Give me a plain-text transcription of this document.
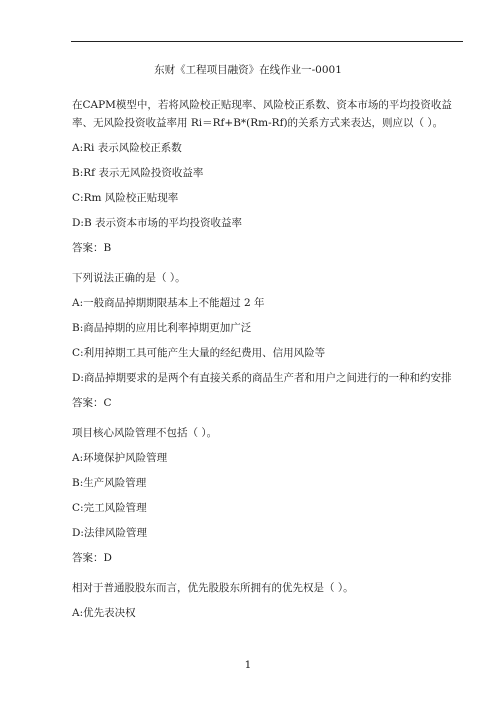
东财《工程项目融资》在线作业一-0001

在CAPM模型中，若将风险校正贴现率、风险校正系数、资本市场的平均投资收益率、无风险投资收益率用 Ri＝Rf+B*(Rm-Rf)的关系方式来表达，则应以（ ）。

A:Ri 表示风险校正系数

B:Rf 表示无风险投资收益率

C:Rm 风险校正贴现率

D:B 表示资本市场的平均投资收益率

答案：B

下列说法正确的是（ ）。

A:一般商品掉期期限基本上不能超过 2 年

B:商品掉期的应用比利率掉期更加广泛

C:利用掉期工具可能产生大量的经纪费用、信用风险等

D:商品掉期要求的是两个有直接关系的商品生产者和用户之间进行的一种和约安排

答案：C

项目核心风险管理不包括（ ）。

A:环境保护风险管理

B:生产风险管理

C:完工风险管理

D:法律风险管理

答案：D

相对于普通股股东而言，优先股股东所拥有的优先权是（ ）。

A:优先表决权

1
